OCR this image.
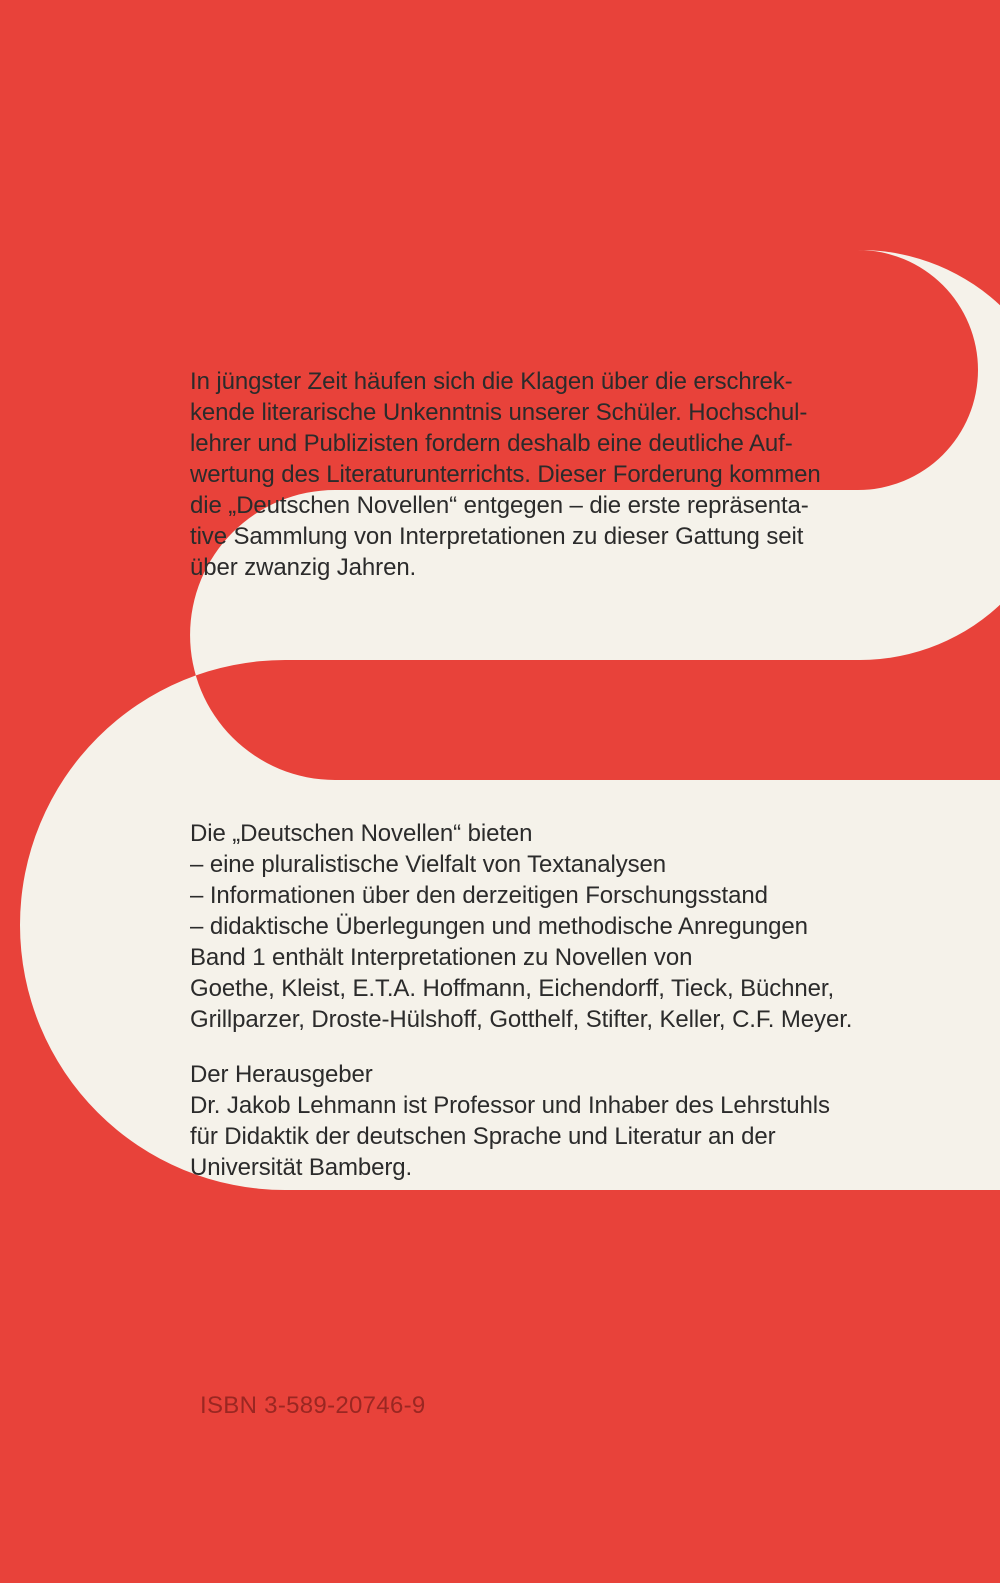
In jüngster Zeit häufen sich die Klagen über die erschrek-
kende literarische Unkenntnis unserer Schüler. Hochschul-
lehrer und Publizisten fordern deshalb eine deutliche Auf-
wertung des Literaturunterrichts. Dieser Forderung kommen
die „Deutschen Novellen“ entgegen – die erste repräsenta-
tive Sammlung von Interpretationen zu dieser Gattung seit
über zwanzig Jahren.
Die „Deutschen Novellen“ bieten
– eine pluralistische Vielfalt von Textanalysen
– Informationen über den derzeitigen Forschungsstand
– didaktische Überlegungen und methodische Anregungen
Band 1 enthält Interpretationen zu Novellen von
Goethe, Kleist, E.T.A. Hoffmann, Eichendorff, Tieck, Büchner,
Grillparzer, Droste-Hülshoff, Gotthelf, Stifter, Keller, C.F. Meyer.
Der Herausgeber
Dr. Jakob Lehmann ist Professor und Inhaber des Lehrstuhls
für Didaktik der deutschen Sprache und Literatur an der
Universität Bamberg.
ISBN 3-589-20746-9
